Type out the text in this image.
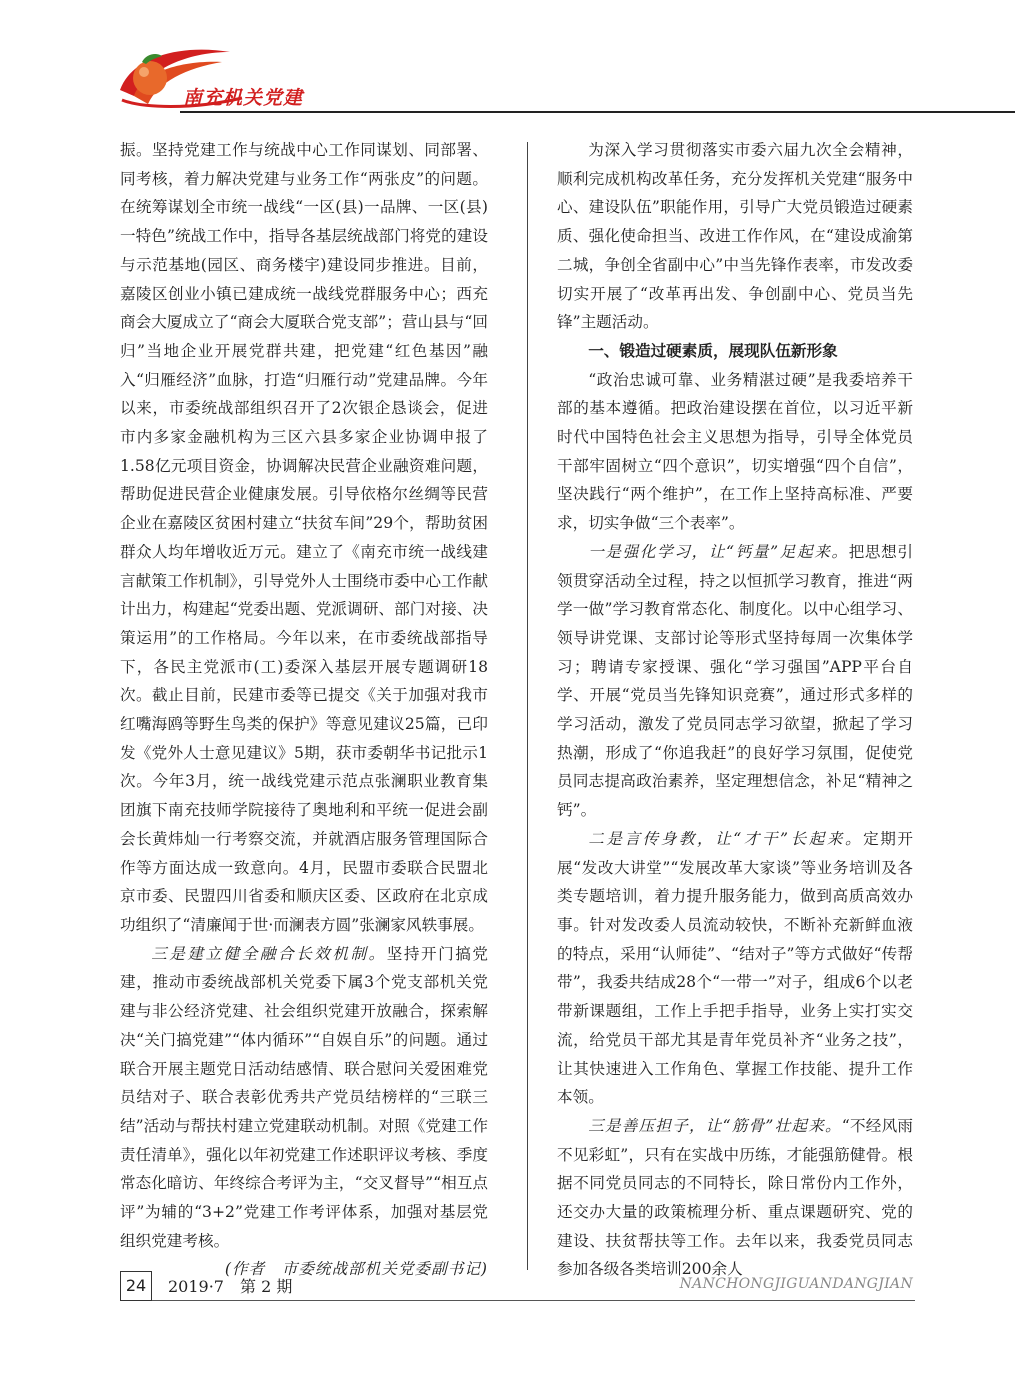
南充机关党建

振。坚持党建工作与统战中心工作同谋划、同部署、同考核，着力解决党建与业务工作“两张皮”的问题。在统筹谋划全市统一战线“一区(县)一品牌、一区(县)一特色”统战工作中，指导各基层统战部门将党的建设与示范基地(园区、商务楼宇)建设同步推进。目前，嘉陵区创业小镇已建成统一战线党群服务中心；西充商会大厦成立了“商会大厦联合党支部”；营山县与“回归”当地企业开展党群共建，把党建“红色基因”融入“归雁经济”血脉，打造“归雁行动”党建品牌。今年以来，市委统战部组织召开了2次银企恳谈会，促进市内多家金融机构为三区六县多家企业协调申报了1.58亿元项目资金，协调解决民营企业融资难问题，帮助促进民营企业健康发展。引导依格尔丝绸等民营企业在嘉陵区贫困村建立“扶贫车间”29个，帮助贫困群众人均年增收近万元。建立了《南充市统一战线建言献策工作机制》，引导党外人士围绕市委中心工作献计出力，构建起“党委出题、党派调研、部门对接、决策运用”的工作格局。今年以来，在市委统战部指导下，各民主党派市(工)委深入基层开展专题调研18次。截止目前，民建市委等已提交《关于加强对我市红嘴海鸥等野生鸟类的保护》等意见建议25篇，已印发《党外人士意见建议》5期，获市委朝华书记批示1次。今年3月，统一战线党建示范点张澜职业教育集团旗下南充技师学院接待了奥地利和平统一促进会副会长黄炜灿一行考察交流，并就酒店服务管理国际合作等方面达成一致意向。4月，民盟市委联合民盟北京市委、民盟四川省委和顺庆区委、区政府在北京成功组织了“清廉闻于世·而澜表方圆”张澜家风轶事展。

三是建立健全融合长效机制。坚持开门搞党建，推动市委统战部机关党委下属3个党支部机关党建与非公经济党建、社会组织党建开放融合，探索解决“关门搞党建”“体内循环”“自娱自乐”的问题。通过联合开展主题党日活动结感情、联合慰问关爱困难党员结对子、联合表彰优秀共产党员结榜样的“三联三结”活动与帮扶村建立党建联动机制。对照《党建工作责任清单》，强化以年初党建工作述职评议考核、季度常态化暗访、年终综合考评为主，“交叉督导”“相互点评”为辅的“3+2”党建工作考评体系，加强对基层党组织党建考核。

(作者　市委统战部机关党委副书记)

为深入学习贯彻落实市委六届九次全会精神，顺利完成机构改革任务，充分发挥机关党建“服务中心、建设队伍”职能作用，引导广大党员锻造过硬素质、强化使命担当、改进工作作风，在“建设成渝第二城，争创全省副中心”中当先锋作表率，市发改委切实开展了“改革再出发、争创副中心、党员当先锋”主题活动。

一、锻造过硬素质，展现队伍新形象

“政治忠诚可靠、业务精湛过硬”是我委培养干部的基本遵循。把政治建设摆在首位，以习近平新时代中国特色社会主义思想为指导，引导全体党员干部牢固树立“四个意识”，切实增强“四个自信”，坚决践行“两个维护”，在工作上坚持高标准、严要求，切实争做“三个表率”。

一是强化学习，让“钙量”足起来。把思想引领贯穿活动全过程，持之以恒抓学习教育，推进“两学一做”学习教育常态化、制度化。以中心组学习、领导讲党课、支部讨论等形式坚持每周一次集体学习；聘请专家授课、强化“学习强国”APP平台自学、开展“党员当先锋知识竞赛”，通过形式多样的学习活动，激发了党员同志学习欲望，掀起了学习热潮，形成了“你追我赶”的良好学习氛围，促使党员同志提高政治素养，坚定理想信念，补足“精神之钙”。

二是言传身教，让“才干”长起来。定期开展“发改大讲堂”“发展改革大家谈”等业务培训及各类专题培训，着力提升服务能力，做到高质高效办事。针对发改委人员流动较快，不断补充新鲜血液的特点，采用“认师徒”、“结对子”等方式做好“传帮带”，我委共结成28个“一带一”对子，组成6个以老带新课题组，工作上手把手指导，业务上实打实交流，给党员干部尤其是青年党员补齐“业务之技”，让其快速进入工作角色、掌握工作技能、提升工作本领。

三是善压担子，让“筋骨”壮起来。“不经风雨不见彩虹”，只有在实战中历练，才能强筋健骨。根据不同党员同志的不同特长，除日常份内工作外，还交办大量的政策梳理分析、重点课题研究、党的建设、扶贫帮扶等工作。去年以来，我委党员同志参加各级各类培训200余人

24	2019·7　第 2 期	NANCHONGJIGUANDANGJIAN
